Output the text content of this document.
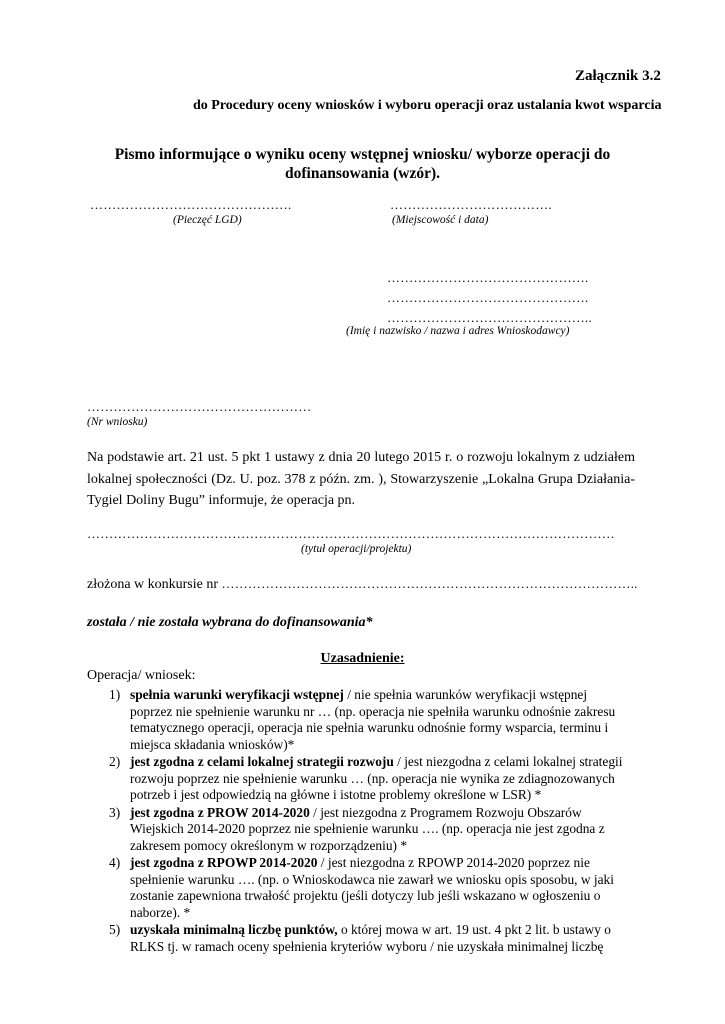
Załącznik 3.2
do Procedury oceny wniosków i wyboru operacji oraz ustalania kwot wsparcia
Pismo informujące o wyniku oceny wstępnej wniosku/ wyborze operacji do dofinansowania (wzór).
……………………………………….
(Pieczęć LGD)
……………………………….
(Miejscowość i data)
……………………………………….
……………………………………….
………………………………………..
(Imię i nazwisko / nazwa i adres Wnioskodawcy)
……………………………………………
(Nr wniosku)
Na podstawie art. 21 ust. 5 pkt 1 ustawy z dnia 20 lutego 2015 r. o rozwoju lokalnym z udziałem lokalnej społeczności (Dz. U. poz. 378 z późn. zm. ), Stowarzyszenie „Lokalna Grupa Działania-Tygiel Doliny Bugu” informuje, że operacja pn.
…………………………………………………………………………………………………………
(tytuł operacji/projektu)
złożona w konkursie nr …………………………………………………………………………………..
została / nie została wybrana do dofinansowania*
Uzasadnienie:
Operacja/ wniosek:
1) spełnia warunki weryfikacji wstępnej / nie spełnia warunków weryfikacji wstępnej poprzez nie spełnienie warunku nr … (np. operacja nie spełniła warunku odnośnie zakresu tematycznego operacji, operacja nie spełnia warunku odnośnie formy wsparcia, terminu i miejsca składania wniosków)*
2) jest zgodna z celami lokalnej strategii rozwoju / jest niezgodna z celami lokalnej strategii rozwoju poprzez nie spełnienie warunku … (np. operacja nie wynika ze zdiagnozowanych potrzeb i jest odpowiedzią na główne i istotne problemy określone w LSR) *
3) jest zgodna z PROW 2014-2020 / jest niezgodna z Programem Rozwoju Obszarów Wiejskich 2014-2020 poprzez nie spełnienie warunku …. (np. operacja nie jest zgodna z zakresem pomocy określonym w rozporządzeniu) *
4) jest zgodna z RPOWP 2014-2020 / jest niezgodna z RPOWP 2014-2020 poprzez nie spełnienie warunku …. (np. o Wnioskodawca nie zawarł we wniosku opis sposobu, w jaki zostanie zapewniona trwałość projektu (jeśli dotyczy lub jeśli wskazano w ogłoszeniu o naborze). *
5) uzyskała minimalną liczbę punktów, o której mowa w art. 19 ust. 4 pkt 2 lit. b ustawy o RLKS tj. w ramach oceny spełnienia kryteriów wyboru / nie uzyskała minimalnej liczbę
